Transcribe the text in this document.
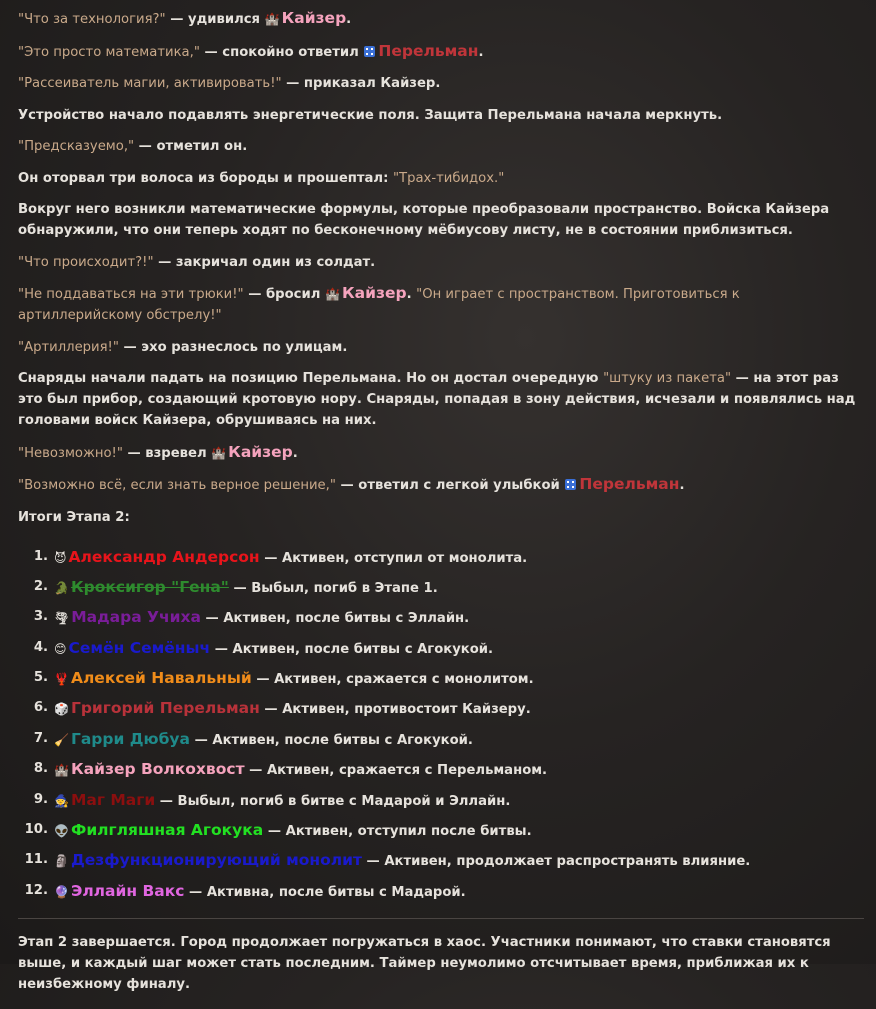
"Что за технология?" — удивился 🏰 Кайзер.

"Это просто математика," — спокойно ответил Перельман.

"Рассеиватель магии, активировать!" — приказал Кайзер.

Устройство начало подавлять энергетические поля. Защита Перельмана начала меркнуть.

"Предсказуемо," — отметил он.

Он оторвал три волоса из бороды и прошептал: "Трах-тибидох."

Вокруг него возникли математические формулы, которые преобразовали пространство. Войска Кайзера обнаружили, что они теперь ходят по бесконечному мёбиусову листу, не в состоянии приблизиться.

"Что происходит?!" — закричал один из солдат.

"Не поддаваться на эти трюки!" — бросил 🏰 Кайзер. "Он играет с пространством. Приготовиться к артиллерийскому обстрелу!"

"Артиллерия!" — эхо разнеслось по улицам.

Снаряды начали падать на позицию Перельмана. Но он достал очередную "штуку из пакета" — на этот раз это был прибор, создающий кротовую нору. Снаряды, попадая в зону действия, исчезали и появлялись над головами войск Кайзера, обрушиваясь на них.

"Невозможно!" — взревел 🏰 Кайзер.

"Возможно всё, если знать верное решение," — ответил с легкой улыбкой Перельман.

Итоги Этапа 2:

1. 😈 Александр Андерсон — Активен, отступил от монолита.
2. 🐊 Кроксигор "Гена" — Выбыл, погиб в Этапе 1.
3. 🌪 Мадара Учиха — Активен, после битвы с Эллайн.
4. 😊 Семён Семёныч — Активен, после битвы с Агокукой.
5. 🦞 Алексей Навальный — Активен, сражается с монолитом.
6. 🎲 Григорий Перельман — Активен, противостоит Кайзеру.
7. 🧹 Гарри Дюбуа — Активен, после битвы с Агокукой.
8. 🏰 Кайзер Волкохвост — Активен, сражается с Перельманом.
9. 🧙 Маг Маги — Выбыл, погиб в битве с Мадарой и Эллайн.
10. 👽 Филгляшная Агокука — Активен, отступил после битвы.
11. 🗿 Дезфункционирующий монолит — Активен, продолжает распространять влияние.
12. 🔮 Эллайн Вакс — Активна, после битвы с Мадарой.

Этап 2 завершается. Город продолжает погружаться в хаос. Участники понимают, что ставки становятся выше, и каждый шаг может стать последним. Таймер неумолимо отсчитывает время, приближая их к неизбежному финалу.
